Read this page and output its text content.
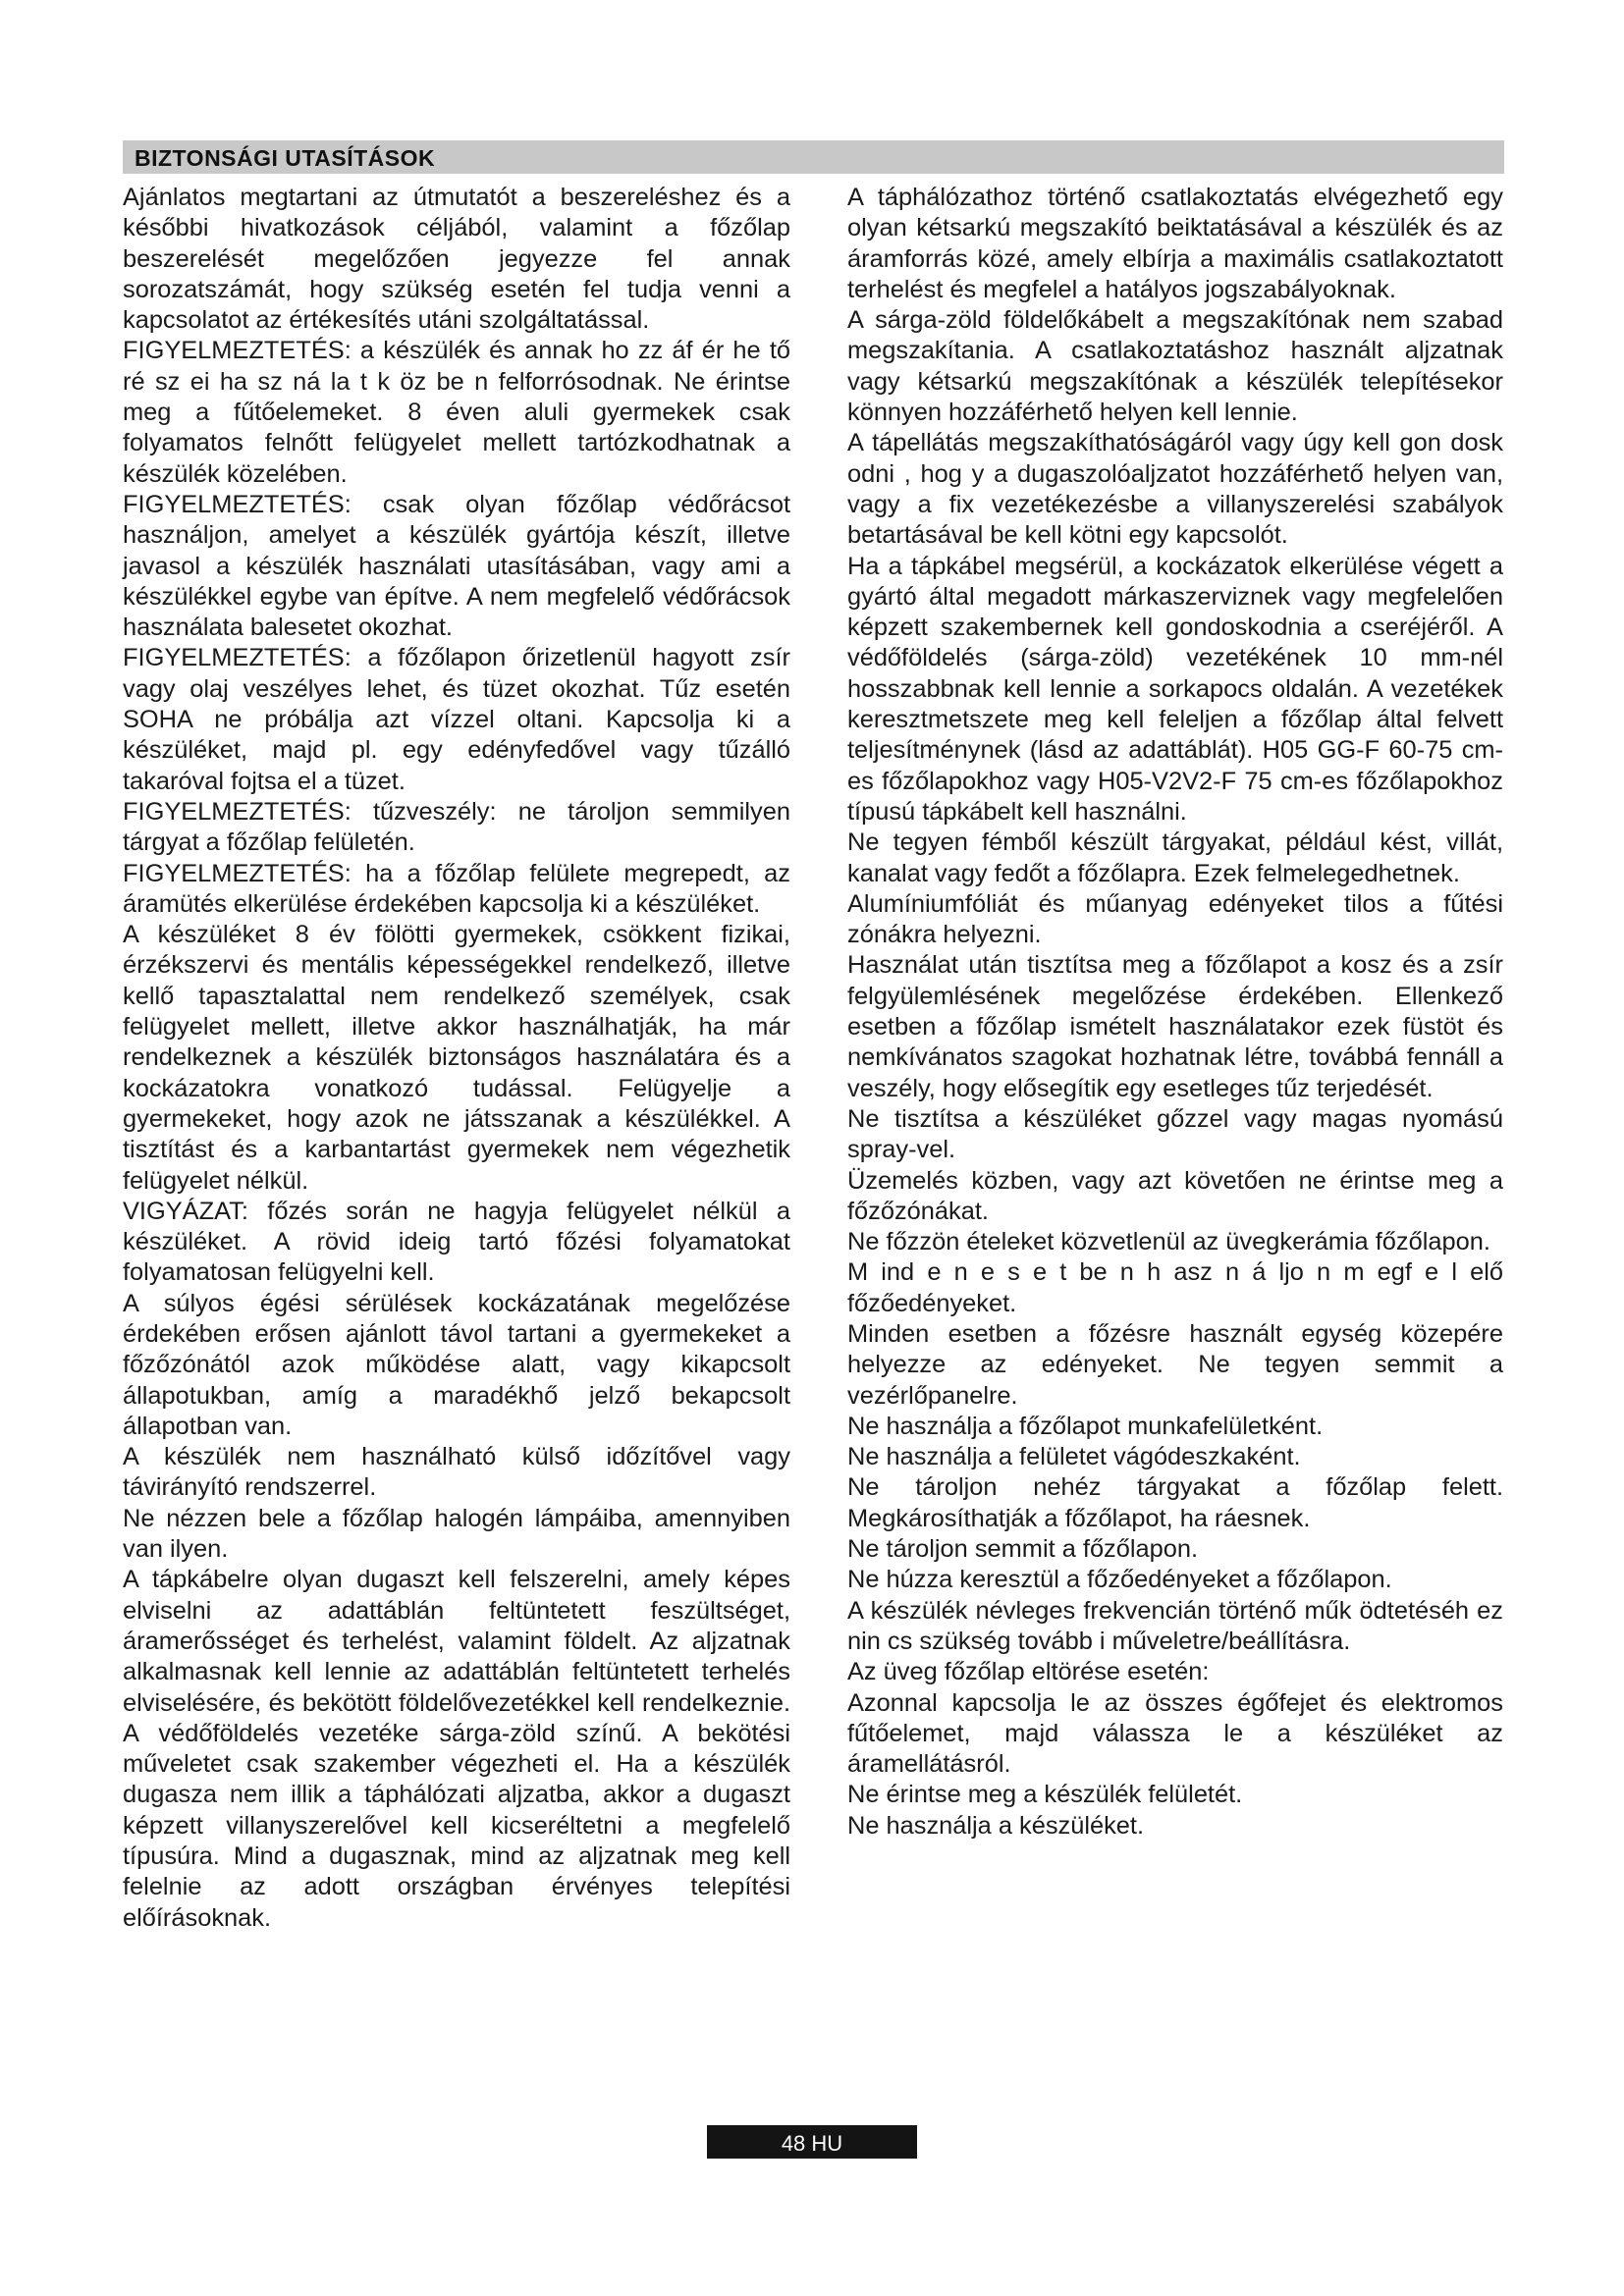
BIZTONSÁGI UTASÍTÁSOK

Ajánlatos megtartani az útmutatót a beszereléshez és a későbbi hivatkozások céljából, valamint a főzőlap beszerelését megelőzően jegyezze fel annak sorozatszámát, hogy szükség esetén fel tudja venni a kapcsolatot az értékesítés utáni szolgáltatással.

FIGYELMEZTETÉS: a készülék és annak ho zz áf ér he tő ré sz ei ha sz ná la t k öz be n felforrósodnak. Ne érintse meg a fűtőelemeket. 8 éven aluli gyermekek csak folyamatos felnőtt felügyelet mellett tartózkodhatnak a készülék közelében.

FIGYELMEZTETÉS: csak olyan főzőlap védőrácsot használjon, amelyet a készülék gyártója készít, illetve javasol a készülék használati utasításában, vagy ami a készülékkel egybe van építve. A nem megfelelő védőrácsok használata balesetet okozhat.

FIGYELMEZTETÉS: a főzőlapon őrizetlenül hagyott zsír vagy olaj veszélyes lehet, és tüzet okozhat. Tűz esetén SOHA ne próbálja azt vízzel oltani. Kapcsolja ki a készüléket, majd pl. egy edényfedővel vagy tűzálló takaróval fojtsa el a tüzet.

FIGYELMEZTETÉS: tűzveszély: ne tároljon semmilyen tárgyat a főzőlap felületén.

FIGYELMEZTETÉS: ha a főzőlap felülete megrepedt, az áramütés elkerülése érdekében kapcsolja ki a készüléket.

A készüléket 8 év fölötti gyermekek, csökkent fizikai, érzékszervi és mentális képességekkel rendelkező, illetve kellő tapasztalattal nem rendelkező személyek, csak felügyelet mellett, illetve akkor használhatják, ha már rendelkeznek a készülék biztonságos használatára és a kockázatokra vonatkozó tudással. Felügyelje a gyermekeket, hogy azok ne játsszanak a készülékkel. A tisztítást és a karbantartást gyermekek nem végezhetik felügyelet nélkül.

VIGYÁZAT: főzés során ne hagyja felügyelet nélkül a készüléket. A rövid ideig tartó főzési folyamatokat folyamatosan felügyelni kell.

A súlyos égési sérülések kockázatának megelőzése érdekében erősen ajánlott távol tartani a gyermekeket a főzőzónától azok működése alatt, vagy kikapcsolt állapotukban, amíg a maradékhő jelző bekapcsolt állapotban van.

A készülék nem használható külső időzítővel vagy távirányító rendszerrel.

Ne nézzen bele a főzőlap halogén lámpáiba, amennyiben van ilyen.

A tápkábelre olyan dugaszt kell felszerelni, amely képes elviselni az adattáblán feltüntetett feszültséget, áramerősséget és terhelést, valamint földelt. Az aljzatnak alkalmasnak kell lennie az adattáblán feltüntetett terhelés elviselésére, és bekötött földelővezetékkel kell rendelkeznie. A védőföldelés vezetéke sárga-zöld színű. A bekötési műveletet csak szakember végezheti el. Ha a készülék dugasza nem illik a táphálózati aljzatba, akkor a dugaszt képzett villanyszerelővel kell kicseréltetni a megfelelő típusúra. Mind a dugasznak, mind az aljzatnak meg kell felelnie az adott országban érvényes telepítési előírásoknak.

A táphálózathoz történő csatlakoztatás elvégezhető egy olyan kétsarkú megszakító beiktatásával a készülék és az áramforrás közé, amely elbírja a maximális csatlakoztatott terhelést és megfelel a hatályos jogszabályoknak.

A sárga-zöld földelőkábelt a megszakítónak nem szabad megszakítania. A csatlakoztatáshoz használt aljzatnak vagy kétsarkú megszakítónak a készülék telepítésekor könnyen hozzáférhető helyen kell lennie.

A tápellátás megszakíthatóságáról vagy úgy kell gon dosk odni , hog y a dugaszolóaljzatot hozzáférhető helyen van, vagy a fix vezetékezésbe a villanyszerelési szabályok betartásával be kell kötni egy kapcsolót.

Ha a tápkábel megsérül, a kockázatok elkerülése végett a gyártó által megadott márkaszerviznek vagy megfelelően képzett szakembernek kell gondoskodnia a cseréjéről. A védőföldelés (sárga-zöld) vezetékének 10 mm-nél hosszabbnak kell lennie a sorkapocs oldalán. A vezetékek keresztmetszete meg kell feleljen a főzőlap által felvett teljesítménynek (lásd az adattáblát). H05 GG-F 60-75 cm-es főzőlapokhoz vagy H05-V2V2-F 75 cm-es főzőlapokhoz típusú tápkábelt kell használni.

Ne tegyen fémből készült tárgyakat, például kést, villát, kanalat vagy fedőt a főzőlapra. Ezek felmelegedhetnek.

Alumíniumfóliát és műanyag edényeket tilos a fűtési zónákra helyezni.

Használat után tisztítsa meg a főzőlapot a kosz és a zsír felgyülemlésének megelőzése érdekében. Ellenkező esetben a főzőlap ismételt használatakor ezek füstöt és nemkívánatos szagokat hozhatnak létre, továbbá fennáll a veszély, hogy elősegítik egy esetleges tűz terjedését.

Ne tisztítsa a készüléket gőzzel vagy magas nyomású spray-vel.

Üzemelés közben, vagy azt követően ne érintse meg a főzőzónákat.

Ne főzzön ételeket közvetlenül az üvegkerámia főzőlapon.

M ind e n e s e t be n h asz n á ljo n m egf e l elő főzőedényeket.

Minden esetben a főzésre használt egység közepére helyezze az edényeket. Ne tegyen semmit a vezérlőpanelre.

Ne használja a főzőlapot munkafelületként.

Ne használja a felületet vágódeszkaként.

Ne tároljon nehéz tárgyakat a főzőlap felett. Megkárosíthatják a főzőlapot, ha ráesnek.

Ne tároljon semmit a főzőlapon.

Ne húzza keresztül a főzőedényeket a főzőlapon.

A készülék névleges frekvencián történő műk ödtetéséh ez nin cs szükség tovább i műveletre/beállításra.

Az üveg főzőlap eltörése esetén:

Azonnal kapcsolja le az összes égőfejet és elektromos fűtőelemet, majd válassza le a készüléket az áramellátásról.

Ne érintse meg a készülék felületét.

Ne használja a készüléket.

48 HU
